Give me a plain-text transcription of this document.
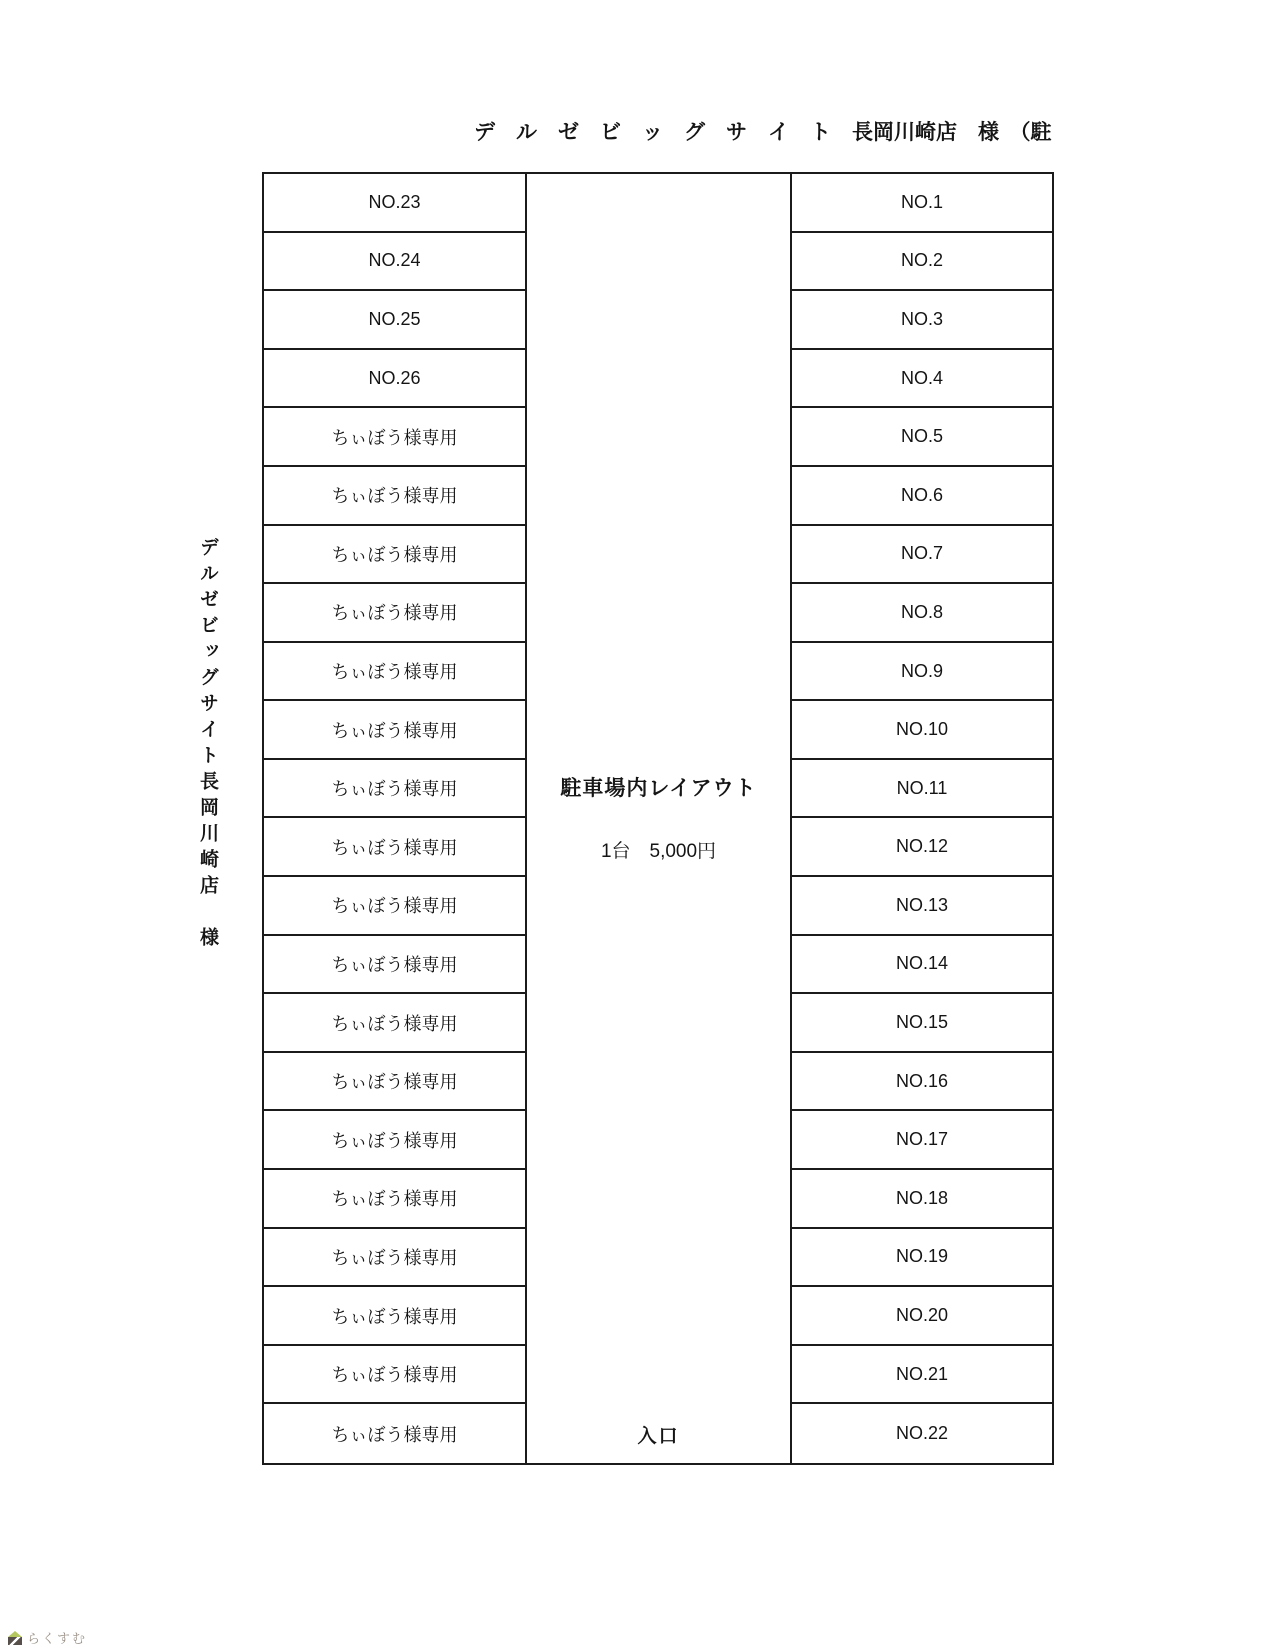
デ　ル　ゼ　ビ　ッ　グ　サ　イ　ト　長岡川崎店　様　（駐
デルゼビッグサイト長岡川崎店　様
NO.23
NO.24
NO.25
NO.26
ちぃぼう様専用
ちぃぼう様専用
ちぃぼう様専用
ちぃぼう様専用
ちぃぼう様専用
ちぃぼう様専用
ちぃぼう様専用
ちぃぼう様専用
ちぃぼう様専用
ちぃぼう様専用
ちぃぼう様専用
ちぃぼう様専用
ちぃぼう様専用
ちぃぼう様専用
ちぃぼう様専用
ちぃぼう様専用
ちぃぼう様専用
ちぃぼう様専用
駐車場内レイアウト
1台　5,000円
入口
NO.1
NO.2
NO.3
NO.4
NO.5
NO.6
NO.7
NO.8
NO.9
NO.10
NO.11
NO.12
NO.13
NO.14
NO.15
NO.16
NO.17
NO.18
NO.19
NO.20
NO.21
NO.22
らくすむ
